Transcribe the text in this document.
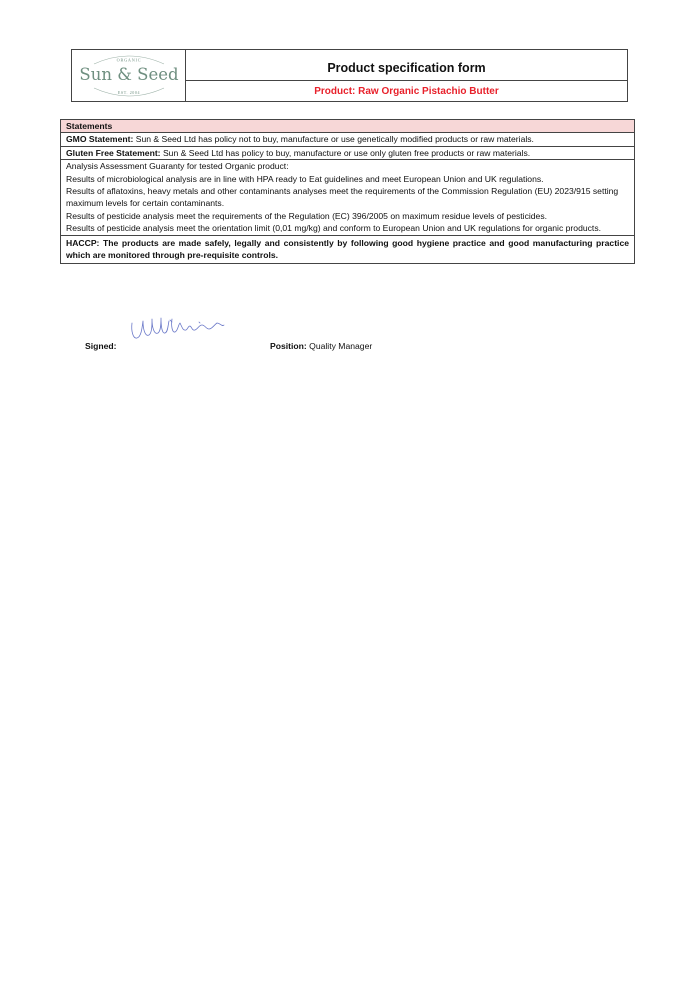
ORGANIC
Sun & Seed
EST. 2004
Product specification form
Product: Raw Organic Pistachio Butter
Statements
GMO Statement: Sun & Seed Ltd has policy not to buy, manufacture or use genetically modified products or raw materials.
Gluten Free Statement: Sun & Seed Ltd has policy to buy, manufacture or use only gluten free products or raw materials.

Analysis Assessment Guaranty for tested Organic product:

Results of microbiological analysis are in line with HPA ready to Eat guidelines and meet European Union and UK regulations.

Results of aflatoxins, heavy metals and other contaminants analyses meet the requirements of the Commission Regulation (EU) 2023/915 setting maximum levels for certain contaminants.

Results of pesticide analysis meet the requirements of the Regulation (EC) 396/2005 on maximum residue levels of pesticides.

Results of pesticide analysis meet the orientation limit (0,01 mg/kg) and conform to European Union and UK regulations for organic products.

HACCP: The products are made safely, legally and consistently by following good hygiene practice and good manufacturing practice which are monitored through pre-requisite controls.
Signed:	Position: Quality Manager
